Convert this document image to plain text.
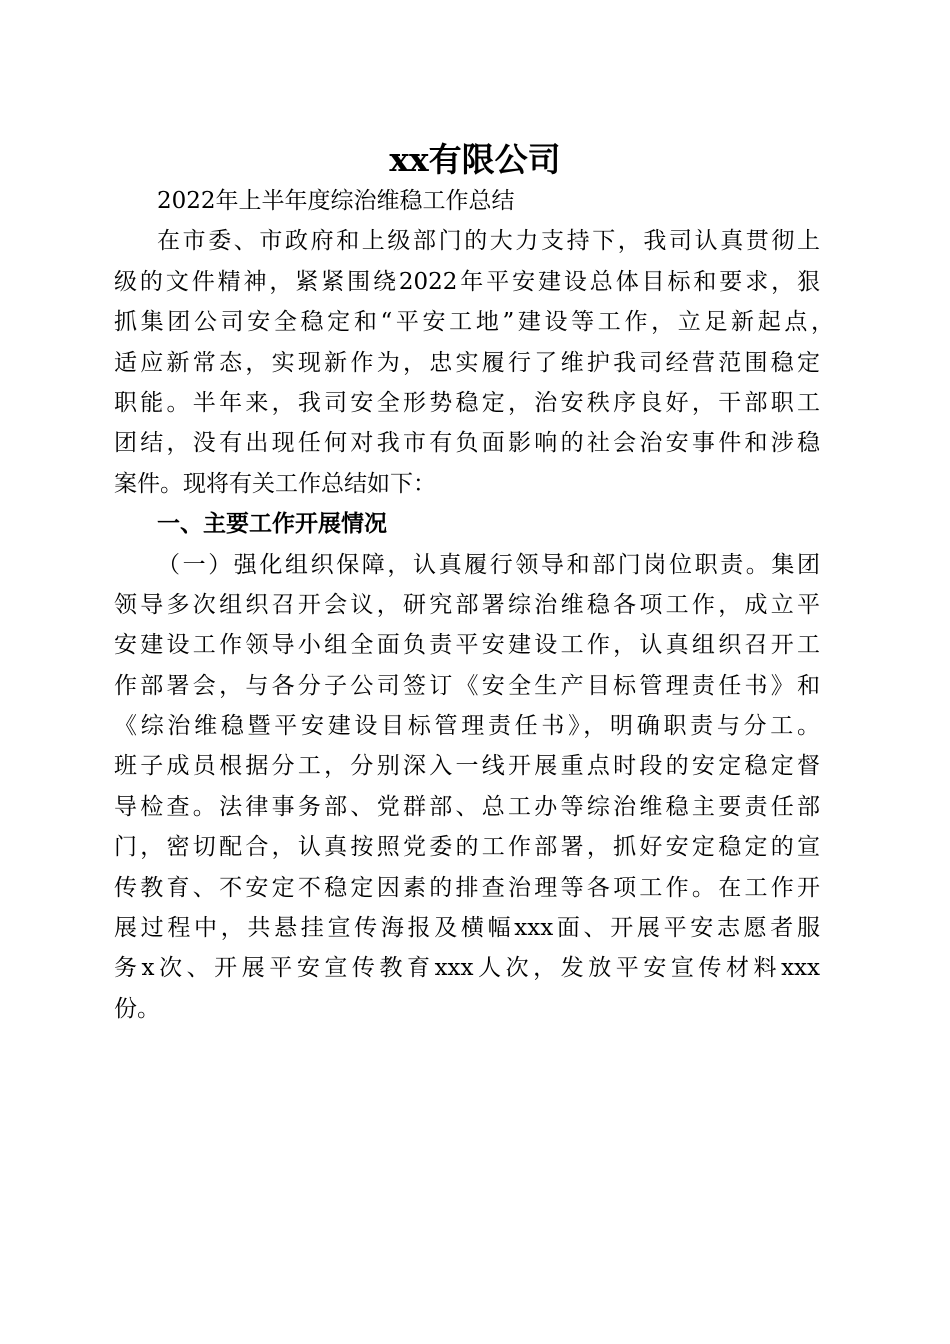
xx有限公司
2022年上半年度综治维稳工作总结
在市委、市政府和上级部门的大力支持下，我司认真贯彻上
级的文件精神，紧紧围绕2022年平安建设总体目标和要求，狠
抓集团公司安全稳定和“平安工地”建设等工作，立足新起点，
适应新常态，实现新作为，忠实履行了维护我司经营范围稳定
职能。半年来，我司安全形势稳定，治安秩序良好，干部职工
团结，没有出现任何对我市有负面影响的社会治安事件和涉稳
案件。现将有关工作总结如下：
一、主要工作开展情况
（一）强化组织保障，认真履行领导和部门岗位职责。集团
领导多次组织召开会议，研究部署综治维稳各项工作，成立平
安建设工作领导小组全面负责平安建设工作，认真组织召开工
作部署会，与各分子公司签订《安全生产目标管理责任书》和
《综治维稳暨平安建设目标管理责任书》，明确职责与分工。
班子成员根据分工，分别深入一线开展重点时段的安定稳定督
导检查。法律事务部、党群部、总工办等综治维稳主要责任部
门，密切配合，认真按照党委的工作部署，抓好安定稳定的宣
传教育、不安定不稳定因素的排查治理等各项工作。在工作开
展过程中，共悬挂宣传海报及横幅xxx面、开展平安志愿者服
务x次、开展平安宣传教育xxx人次，发放平安宣传材料xxx
份。
